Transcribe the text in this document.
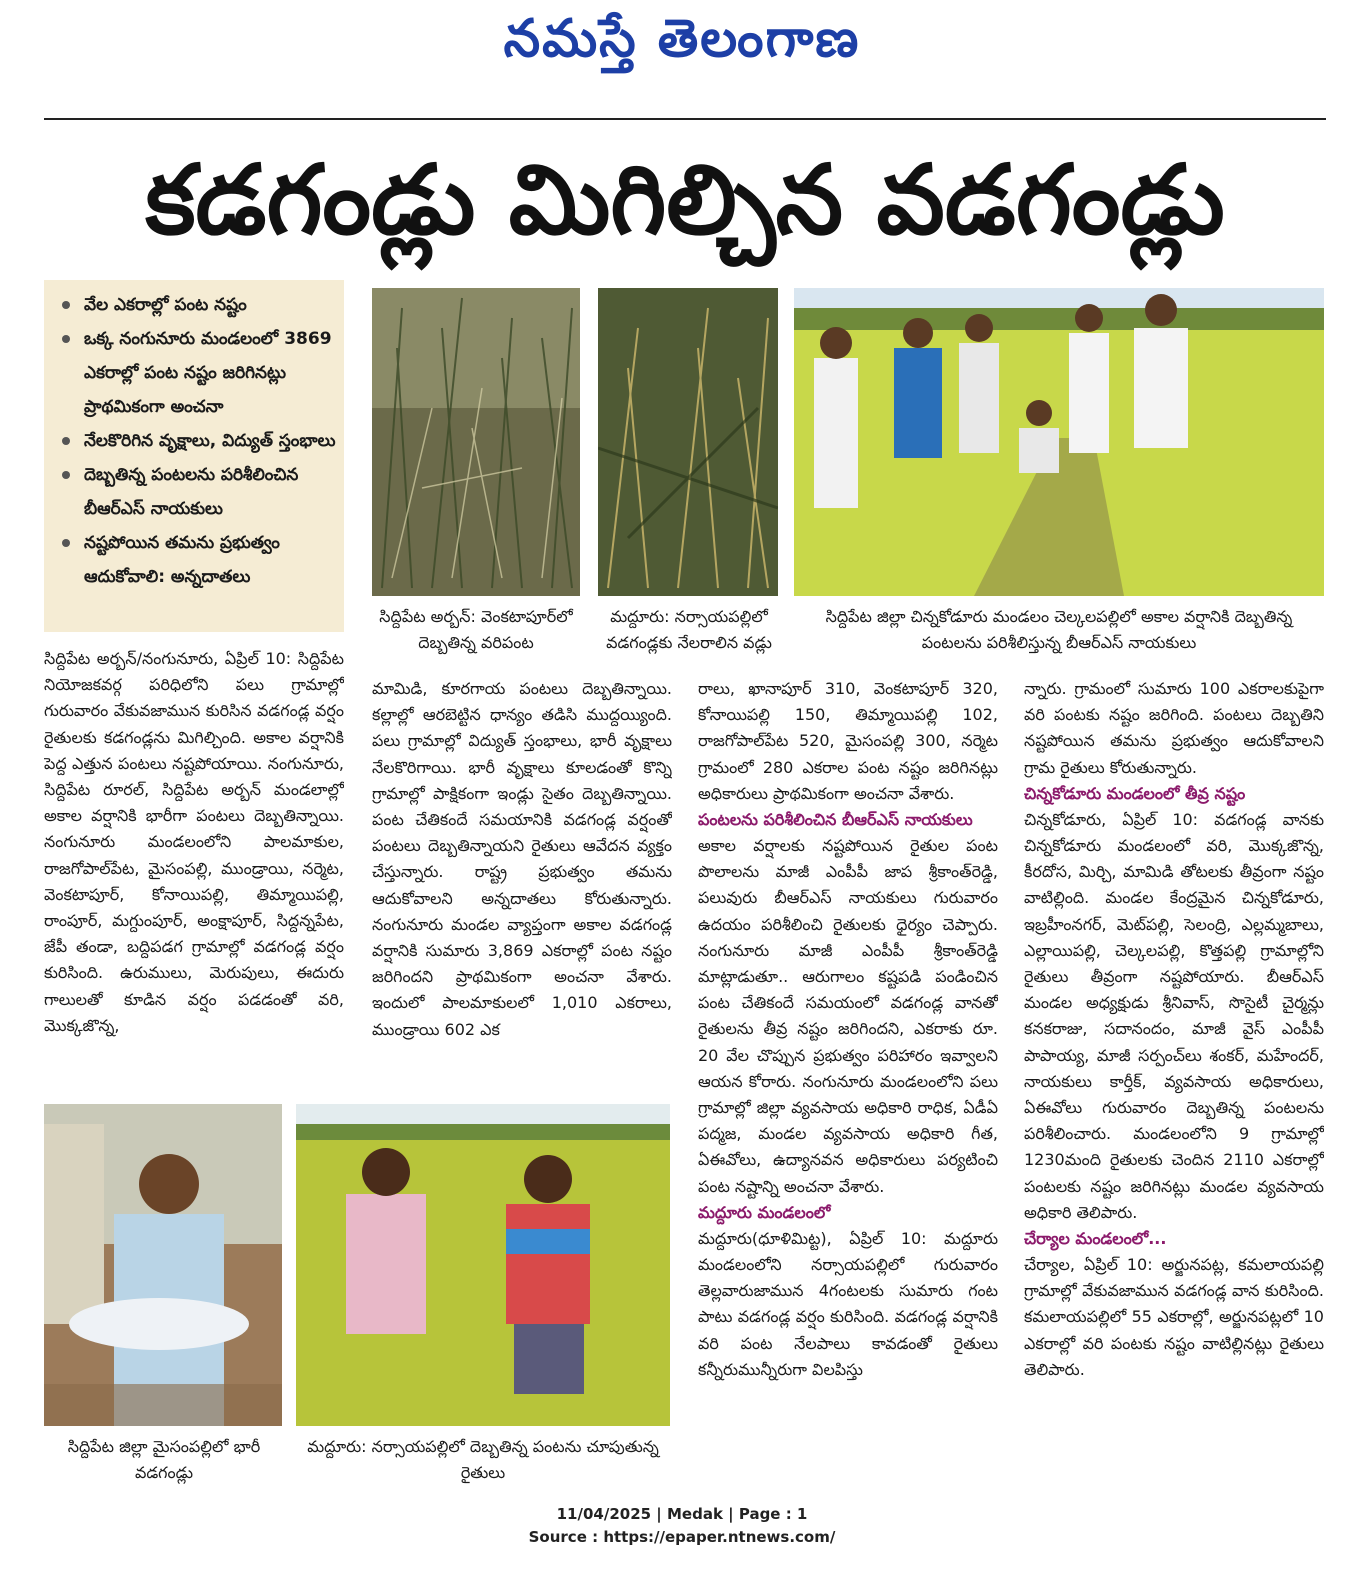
నమస్తే తెలంగాణ
కడగండ్లు మిగిల్చిన వడగండ్లు
వేల ఎకరాల్లో పంట నష్టం
ఒక్క నంగునూరు మండలంలో 3869 ఎకరాల్లో పంట నష్టం జరిగినట్లు ప్రాథమికంగా అంచనా
నేలకొరిగిన వృక్షాలు, విద్యుత్ స్తంభాలు
దెబ్బతిన్న పంటలను పరిశీలించిన బీఆర్ఎస్ నాయకులు
నష్టపోయిన తమను ప్రభుత్వం ఆదుకోవాలి: అన్నదాతలు
సిద్దిపేట అర్బన్: వెంకటాపూర్‌లో దెబ్బతిన్న వరిపంట
మద్దూరు: నర్సాయపల్లిలో వడగండ్లకు నేలరాలిన వడ్లు
సిద్దిపేట జిల్లా చిన్నకోడూరు మండలం చెల్కలపల్లిలో అకాల వర్షానికి దెబ్బతిన్న పంటలను పరిశీలిస్తున్న బీఆర్ఎస్ నాయకులు

సిద్దిపేట అర్బన్/నంగునూరు, ఏప్రిల్ 10: సిద్దిపేట నియోజకవర్గ పరిధిలోని పలు గ్రామాల్లో గురువారం వేకువజామున కురిసిన వడగండ్ల వర్షం రైతులకు కడగండ్లను మిగిల్చింది. అకాల వర్షానికి పెద్ద ఎత్తున పంటలు నష్టపోయాయి. నంగునూరు, సిద్దిపేట రూరల్, సిద్దిపేట అర్బన్ మండలాల్లో అకాల వర్షానికి భారీగా పంటలు దెబ్బతిన్నాయి. నంగునూరు మండలంలోని పాలమాకుల, రాజగోపాల్‌పేట, మైసంపల్లి, ముండ్రాయి, నర్మెట, వెంకటాపూర్, కోనాయిపల్లి, తిమ్మాయిపల్లి, రాంపూర్, మగ్దుంపూర్, అంక్షాపూర్, సిద్దన్నపేట, జేపీ తండా, బద్దిపడగ గ్రామాల్లో వడగండ్ల వర్షం కురిసింది. ఉరుములు, మెరుపులు, ఈదురు గాలులతో కూడిన వర్షం పడడంతో వరి, మొక్కజొన్న,

మామిడి, కూరగాయ పంటలు దెబ్బతిన్నాయి. కల్లాల్లో ఆరబెట్టిన ధాన్యం తడిసి ముద్దయ్యింది. పలు గ్రామాల్లో విద్యుత్ స్తంభాలు, భారీ వృక్షాలు నేలకొరిగాయి. భారీ వృక్షాలు కూలడంతో కొన్ని గ్రామాల్లో పాక్షికంగా ఇండ్లు సైతం దెబ్బతిన్నాయి. పంట చేతికందే సమయానికి వడగండ్ల వర్షంతో పంటలు దెబ్బతిన్నాయని రైతులు ఆవేదన వ్యక్తం చేస్తున్నారు. రాష్ట్ర ప్రభుత్వం తమను ఆదుకోవాలని అన్నదాతలు కోరుతున్నారు. నంగునూరు మండల వ్యాప్తంగా అకాల వడగండ్ల వర్షానికి సుమారు 3,869 ఎకరాల్లో పంట నష్టం జరిగిందని ప్రాథమికంగా అంచనా వేశారు. ఇందులో పాలమాకులలో 1,010 ఎకరాలు, ముండ్రాయి 602 ఎక

రాలు, ఖానాపూర్ 310, వెంకటాపూర్ 320, కోనాయిపల్లి 150, తిమ్మాయిపల్లి 102, రాజగోపాల్‌పేట 520, మైసంపల్లి 300, నర్మెట గ్రామంలో 280 ఎకరాల పంట నష్టం జరిగినట్లు అధికారులు ప్రాథమికంగా అంచనా వేశారు.

పంటలను పరిశీలించిన బీఆర్ఎస్ నాయకులు

అకాల వర్షాలకు నష్టపోయిన రైతుల పంట పొలాలను మాజీ ఎంపీపీ జాప శ్రీకాంత్‌రెడ్డి, పలువురు బీఆర్ఎస్ నాయకులు గురువారం ఉదయం పరిశీలించి రైతులకు ధైర్యం చెప్పారు. నంగునూరు మాజీ ఎంపీపీ శ్రీకాంత్‌రెడ్డి మాట్లాడుతూ.. ఆరుగాలం కష్టపడి పండించిన పంట చేతికందే సమయంలో వడగండ్ల వానతో రైతులను తీవ్ర నష్టం జరిగిందని, ఎకరాకు రూ. 20 వేల చొప్పున ప్రభుత్వం పరిహారం ఇవ్వాలని ఆయన కోరారు. నంగునూరు మండలంలోని పలు గ్రామాల్లో జిల్లా వ్యవసాయ అధికారి రాధిక, ఏడీఏ పద్మజ, మండల వ్యవసాయ అధికారి గీత, ఏఈవోలు, ఉద్యానవన అధికారులు పర్యటించి పంట నష్టాన్ని అంచనా వేశారు.

మద్దూరు మండలంలో

మద్దూరు(ధూళిమిట్ట), ఏప్రిల్ 10: మద్దూరు మండలంలోని నర్సాయపల్లిలో గురువారం తెల్లవారుజామున 4గంటలకు సుమారు గంట పాటు వడగండ్ల వర్షం కురిసింది. వడగండ్ల వర్షానికి వరి పంట నేలపాలు కావడంతో రైతులు కన్నీరుమున్నీరుగా విలపిస్తు

న్నారు. గ్రామంలో సుమారు 100 ఎకరాలకుపైగా వరి పంటకు నష్టం జరిగింది. పంటలు దెబ్బతిని నష్టపోయిన తమను ప్రభుత్వం ఆదుకోవాలని గ్రామ రైతులు కోరుతున్నారు.

చిన్నకోడూరు మండలంలో తీవ్ర నష్టం

చిన్నకోడూరు, ఏప్రిల్ 10: వడగండ్ల వానకు చిన్నకోడూరు మండలంలో వరి, మొక్కజొన్న, కీరదోస, మిర్చి, మామిడి తోటలకు తీవ్రంగా నష్టం వాటిల్లింది. మండల కేంద్రమైన చిన్నకోడూరు, ఇబ్రహీంనగర్, మెట్‌పల్లి, సెలంద్రి, ఎల్లమ్మబాలు, ఎల్లాయిపల్లి, చెల్కలపల్లి, కొత్తపల్లి గ్రామాల్లోని రైతులు తీవ్రంగా నష్టపోయారు. బీఆర్ఎస్ మండల అధ్యక్షుడు శ్రీనివాస్, సొసైటీ చైర్మన్లు కనకరాజు, సదానందం, మాజీ వైస్ ఎంపీపీ పాపాయ్య, మాజీ సర్పంచ్‌లు శంకర్, మహేందర్, నాయకులు కార్తీక్, వ్యవసాయ అధికారులు, ఏఈవోలు గురువారం దెబ్బతిన్న పంటలను పరిశీలించారు. మండలంలోని 9 గ్రామాల్లో 1230మంది రైతులకు చెందిన 2110 ఎకరాల్లో పంటలకు నష్టం జరిగినట్లు మండల వ్యవసాయ అధికారి తెలిపారు.

చేర్యాల మండలంలో...

చేర్యాల, ఏప్రిల్ 10: అర్జునపట్ల, కమలాయపల్లి గ్రామాల్లో వేకువజామున వడగండ్ల వాన కురిసింది. కమలాయపల్లిలో 55 ఎకరాల్లో, అర్జునపట్లలో 10 ఎకరాల్లో వరి పంటకు నష్టం వాటిల్లినట్లు రైతులు తెలిపారు.

సిద్దిపేట జిల్లా మైసంపల్లిలో భారీ వడగండ్లు
మద్దూరు: నర్సాయపల్లిలో దెబ్బతిన్న పంటను చూపుతున్న రైతులు
11/04/2025 | Medak | Page : 1
Source : https://epaper.ntnews.com/
